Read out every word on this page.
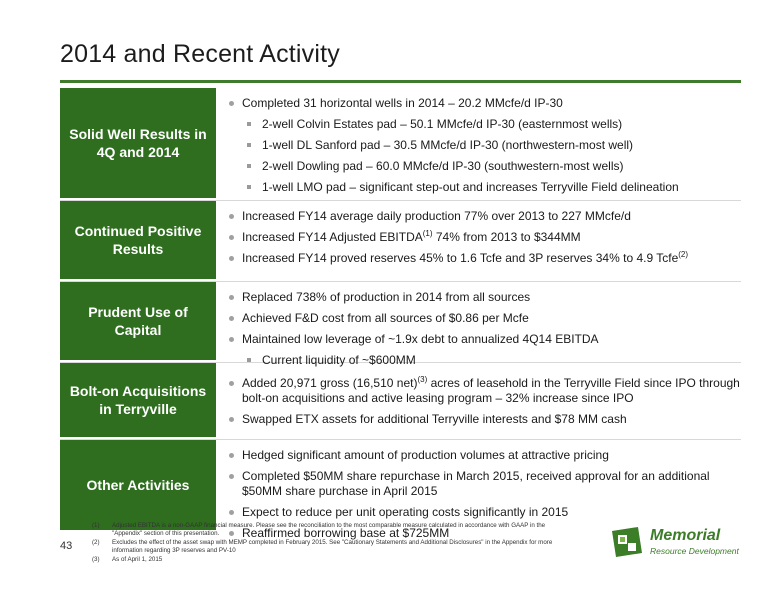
2014 and Recent Activity
Solid Well Results in 4Q and 2014
Completed 31 horizontal wells in 2014 – 20.2 MMcfe/d IP-30
2-well Colvin Estates pad – 50.1 MMcfe/d IP-30 (easternmost wells)
1-well DL Sanford pad – 30.5 MMcfe/d IP-30 (northwestern-most well)
2-well Dowling pad – 60.0 MMcfe/d IP-30 (southwestern-most wells)
1-well LMO pad – significant step-out and increases Terryville Field delineation
Continued Positive Results
Increased FY14 average daily production 77% over 2013 to 227 MMcfe/d
Increased FY14 Adjusted EBITDA$^{(1)}$ 74% from 2013 to $344MM
Increased FY14 proved reserves 45% to 1.6 Tcfe and 3P reserves 34% to 4.9 Tcfe$^{(2)}$
Prudent Use of Capital
Replaced 738% of production in 2014 from all sources
Achieved F&D cost from all sources of $0.86 per Mcfe
Maintained low leverage of ~1.9x debt to annualized 4Q14 EBITDA
Current liquidity of ~$600MM
Bolt-on Acquisitions in Terryville
Added 20,971 gross (16,510 net)$^{(3)}$ acres of leasehold in the Terryville Field since IPO through bolt-on acquisitions and active leasing program – 32% increase since IPO
Swapped ETX assets for additional Terryville interests and $78 MM cash
Other Activities
Hedged significant amount of production volumes at attractive pricing
Completed $50MM share repurchase in March 2015, received approval for an additional $50MM share purchase in April 2015
Expect to reduce per unit operating costs significantly in 2015
Reaffirmed borrowing base at $725MM
43
(1)	Adjusted EBITDA is a non-GAAP financial measure. Please see the reconciliation to the most comparable measure calculated in accordance with GAAP in the "Appendix" section of this presentation.
(2)	Excludes the effect of the asset swap with MEMP completed in February 2015. See "Cautionary Statements and Additional Disclosures" in the Appendix for more information regarding 3P reserves and PV-10
(3)	As of April 1, 2015
Memorial
Resource Development
